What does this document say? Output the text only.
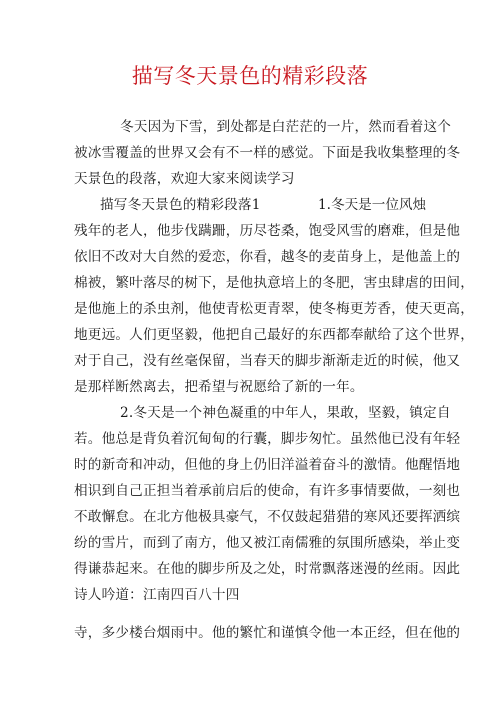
描写冬天景色的精彩段落
冬天因为下雪，到处都是白茫茫的一片，然而看着这个
被冰雪覆盖的世界又会有不一样的感觉。下面是我收集整理的冬
天景色的段落，欢迎大家来阅读学习
描写冬天景色的精彩段落1	1.冬天是一位风烛
残年的老人，他步伐蹒跚，历尽苍桑，饱受风雪的磨难，但是他
依旧不改对大自然的爱恋，你看，越冬的麦苗身上，是他盖上的
棉被，繁叶落尽的树下，是他执意培上的冬肥，害虫肆虐的田间，
是他施上的杀虫剂，他使青松更青翠，使冬梅更芳香，使天更高，
地更远。人们更坚毅，他把自己最好的东西都奉献给了这个世界，
对于自己，没有丝毫保留，当春天的脚步渐渐走近的时候，他又
是那样断然离去，把希望与祝愿给了新的一年。
2.冬天是一个神色凝重的中年人，果敢，坚毅，镇定自
若。他总是背负着沉甸甸的行囊，脚步匆忙。虽然他已没有年轻
时的新奇和冲动，但他的身上仍旧洋溢着奋斗的激情。他醒悟地
相识到自己正担当着承前启后的使命，有许多事情要做，一刻也
不敢懈怠。在北方他极具豪气，不仅鼓起猎猎的寒风还要挥洒缤
纷的雪片，而到了南方，他又被江南儒雅的氛围所感染，举止变
得谦恭起来。在他的脚步所及之处，时常飘落迷漫的丝雨。因此
诗人吟道：江南四百八十四
寺，多少楼台烟雨中。他的繁忙和谨慎令他一本正经，但在他的
